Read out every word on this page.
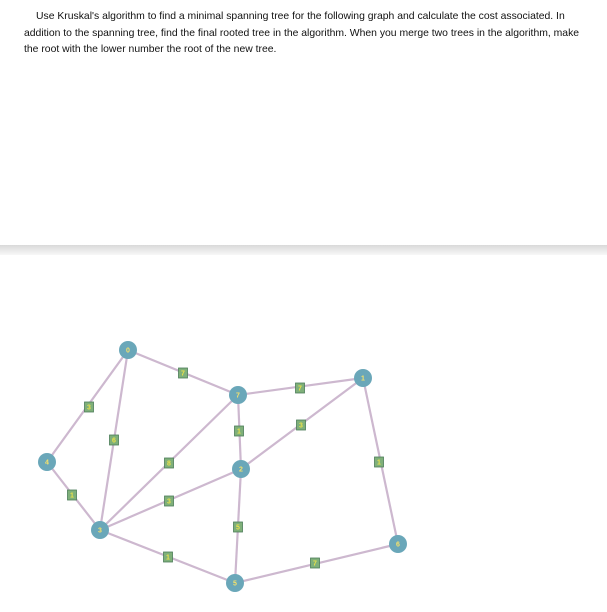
Use Kruskal's algorithm to find a minimal spanning tree for the following graph and calculate the cost associated. In addition to the spanning tree, find the final rooted tree in the algorithm. When you merge two trees in the algorithm, make the root with the lower number the root of the new tree.

3
6
7
1
8
3
1
7
1
3
5
1
7
0
1
2
3
4
5
6
7
